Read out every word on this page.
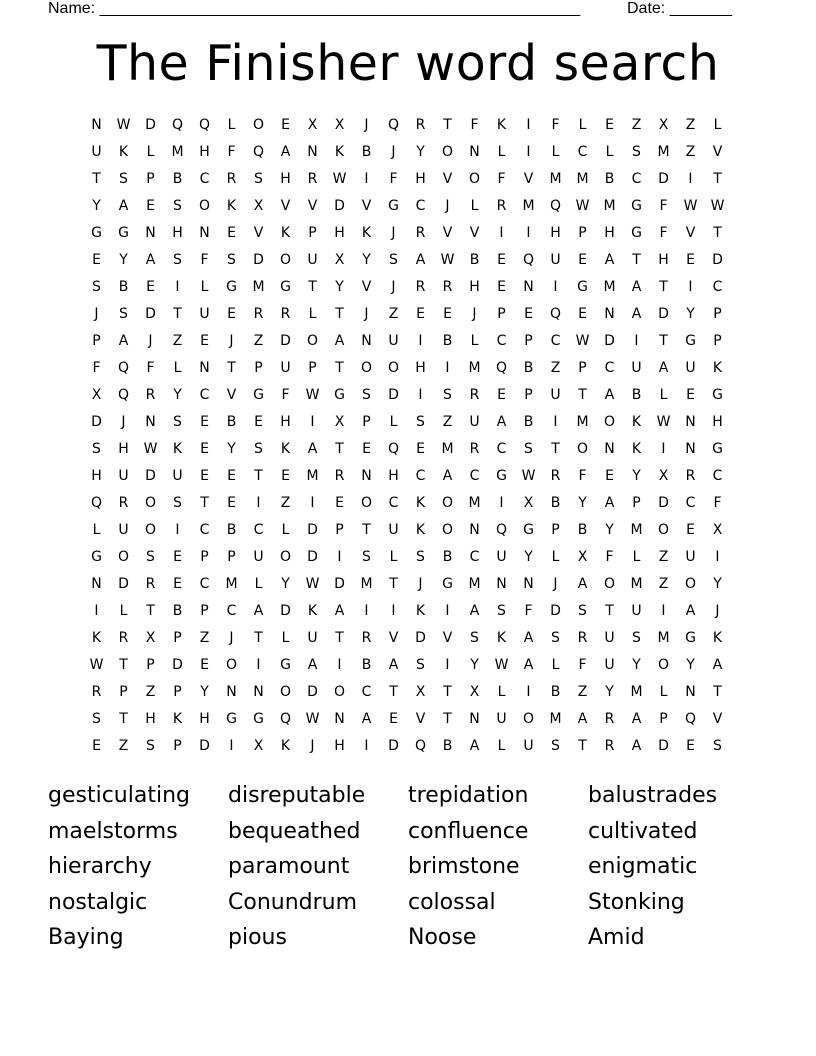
Name: ______________________________________________________	Date: _______
The Finisher word search
N	W	D	Q	Q	L	O	E	X	X	J	Q	R	T	F	K	I	F	L	E	Z	X	Z	L
U	K	L	M	H	F	Q	A	N	K	B	J	Y	O	N	L	I	L	C	L	S	M	Z	V
T	S	P	B	C	R	S	H	R	W	I	F	H	V	O	F	V	M	M	B	C	D	I	T
Y	A	E	S	O	K	X	V	V	D	V	G	C	J	L	R	M	Q	W	M	G	F	W W
G	G	N	H	N	E	V	K	P	H	K	J	R	V	V	I	I	H	P	H	G	F	V	T
E	Y	A	S	F	S	D	O	U	X	Y	S	A	W	B	E	Q	U	E	A	T	H	E	D
S	B	E	I	L	G	M	G	T	Y	V	J	R	R	H	E	N	I	G	M	A	T	I	C
J	S	D	T	U	E	R	R	L	T	J	Z	E	E	J	P	E	Q	E	N	A	D	Y	P
P	A	J	Z	E	J	Z	D	O	A	N	U	I	B	L	C	P	C	W	D	I	T	G	P
F	Q	F	L	N	T	P	U	P	T	O	O	H	I	M	Q	B	Z	P	C	U	A	U	K
X	Q	R	Y	C	V	G	F	W	G	S	D	I	S	R	E	P	U	T	A	B	L	E	G
D	J	N	S	E	B	E	H	I	X	P	L	S	Z	U	A	B	I	M	O	K	W	N	H
S	H	W	K	E	Y	S	K	A	T	E	Q	E	M	R	C	S	T	O	N	K	I	N	G
H	U	D	U	E	E	T	E	M	R	N	H	C	A	C	G	W	R	F	E	Y	X	R	C
Q	R	O	S	T	E	I	Z	I	E	O	C	K	O	M	I	X	B	Y	A	P	D	C	F
L	U	O	I	C	B	C	L	D	P	T	U	K	O	N	Q	G	P	B	Y	M	O	E	X
G	O	S	E	P	P	U	O	D	I	S	L	S	B	C	U	Y	L	X	F	L	Z	U	I
N	D	R	E	C	M	L	Y	W	D	M	T	J	G	M	N	N	J	A	O	M	Z	O	Y
I	L	T	B	P	C	A	D	K	A	I	I	K	I	A	S	F	D	S	T	U	I	A	J
K	R	X	P	Z	J	T	L	U	T	R	V	D	V	S	K	A	S	R	U	S	M	G	K
W	T	P	D	E	O	I	G	A	I	B	A	S	I	Y	W	A	L	F	U	Y	O	Y	A
R	P	Z	P	Y	N	N	O	D	O	C	T	X	T	X	L	I	B	Z	Y	M	L	N	T
S	T	H	K	H	G	G	Q	W	N	A	E	V	T	N	U	O	M	A	R	A	P	Q	V
E	Z	S	P	D	I	X	K	J	H	I	D	Q	B	A	L	U	S	T	R	A	D	E	S
gesticulating	disreputable	trepidation	balustrades
maelstorms	bequeathed	confluence	cultivated
hierarchy	paramount	brimstone	enigmatic
nostalgic	Conundrum	colossal	Stonking
Baying	pious	Noose	Amid
